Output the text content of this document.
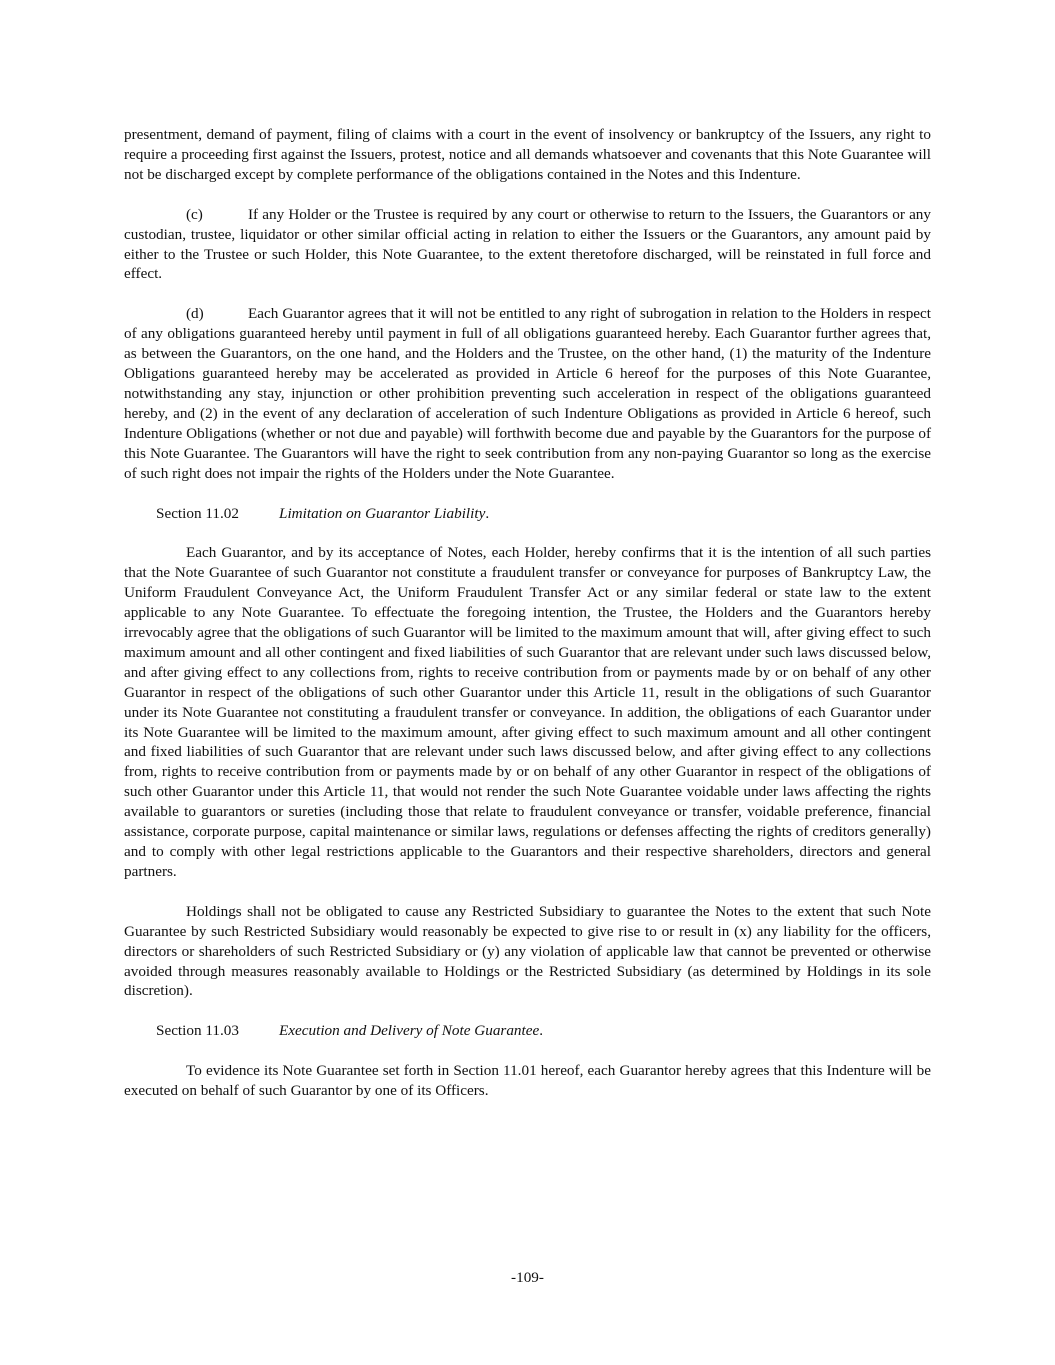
presentment, demand of payment, filing of claims with a court in the event of insolvency or bankruptcy of the Issuers, any right to require a proceeding first against the Issuers, protest, notice and all demands whatsoever and covenants that this Note Guarantee will not be discharged except by complete performance of the obligations contained in the Notes and this Indenture.

(c)	If any Holder or the Trustee is required by any court or otherwise to return to the Issuers, the Guarantors or any custodian, trustee, liquidator or other similar official acting in relation to either the Issuers or the Guarantors, any amount paid by either to the Trustee or such Holder, this Note Guarantee, to the extent theretofore discharged, will be reinstated in full force and effect.

(d)	Each Guarantor agrees that it will not be entitled to any right of subrogation in relation to the Holders in respect of any obligations guaranteed hereby until payment in full of all obligations guaranteed hereby. Each Guarantor further agrees that, as between the Guarantors, on the one hand, and the Holders and the Trustee, on the other hand, (1) the maturity of the Indenture Obligations guaranteed hereby may be accelerated as provided in Article 6 hereof for the purposes of this Note Guarantee, notwithstanding any stay, injunction or other prohibition preventing such acceleration in respect of the obligations guaranteed hereby, and (2) in the event of any declaration of acceleration of such Indenture Obligations as provided in Article 6 hereof, such Indenture Obligations (whether or not due and payable) will forthwith become due and payable by the Guarantors for the purpose of this Note Guarantee. The Guarantors will have the right to seek contribution from any non-paying Guarantor so long as the exercise of such right does not impair the rights of the Holders under the Note Guarantee.

Section 11.02	Limitation on Guarantor Liability.

Each Guarantor, and by its acceptance of Notes, each Holder, hereby confirms that it is the intention of all such parties that the Note Guarantee of such Guarantor not constitute a fraudulent transfer or conveyance for purposes of Bankruptcy Law, the Uniform Fraudulent Conveyance Act, the Uniform Fraudulent Transfer Act or any similar federal or state law to the extent applicable to any Note Guarantee. To effectuate the foregoing intention, the Trustee, the Holders and the Guarantors hereby irrevocably agree that the obligations of such Guarantor will be limited to the maximum amount that will, after giving effect to such maximum amount and all other contingent and fixed liabilities of such Guarantor that are relevant under such laws discussed below, and after giving effect to any collections from, rights to receive contribution from or payments made by or on behalf of any other Guarantor in respect of the obligations of such other Guarantor under this Article 11, result in the obligations of such Guarantor under its Note Guarantee not constituting a fraudulent transfer or conveyance. In addition, the obligations of each Guarantor under its Note Guarantee will be limited to the maximum amount, after giving effect to such maximum amount and all other contingent and fixed liabilities of such Guarantor that are relevant under such laws discussed below, and after giving effect to any collections from, rights to receive contribution from or payments made by or on behalf of any other Guarantor in respect of the obligations of such other Guarantor under this Article 11, that would not render the such Note Guarantee voidable under laws affecting the rights available to guarantors or sureties (including those that relate to fraudulent conveyance or transfer, voidable preference, financial assistance, corporate purpose, capital maintenance or similar laws, regulations or defenses affecting the rights of creditors generally) and to comply with other legal restrictions applicable to the Guarantors and their respective shareholders, directors and general partners.

Holdings shall not be obligated to cause any Restricted Subsidiary to guarantee the Notes to the extent that such Note Guarantee by such Restricted Subsidiary would reasonably be expected to give rise to or result in (x) any liability for the officers, directors or shareholders of such Restricted Subsidiary or (y) any violation of applicable law that cannot be prevented or otherwise avoided through measures reasonably available to Holdings or the Restricted Subsidiary (as determined by Holdings in its sole discretion).

Section 11.03	Execution and Delivery of Note Guarantee.

To evidence its Note Guarantee set forth in Section 11.01 hereof, each Guarantor hereby agrees that this Indenture will be executed on behalf of such Guarantor by one of its Officers.

-109-
